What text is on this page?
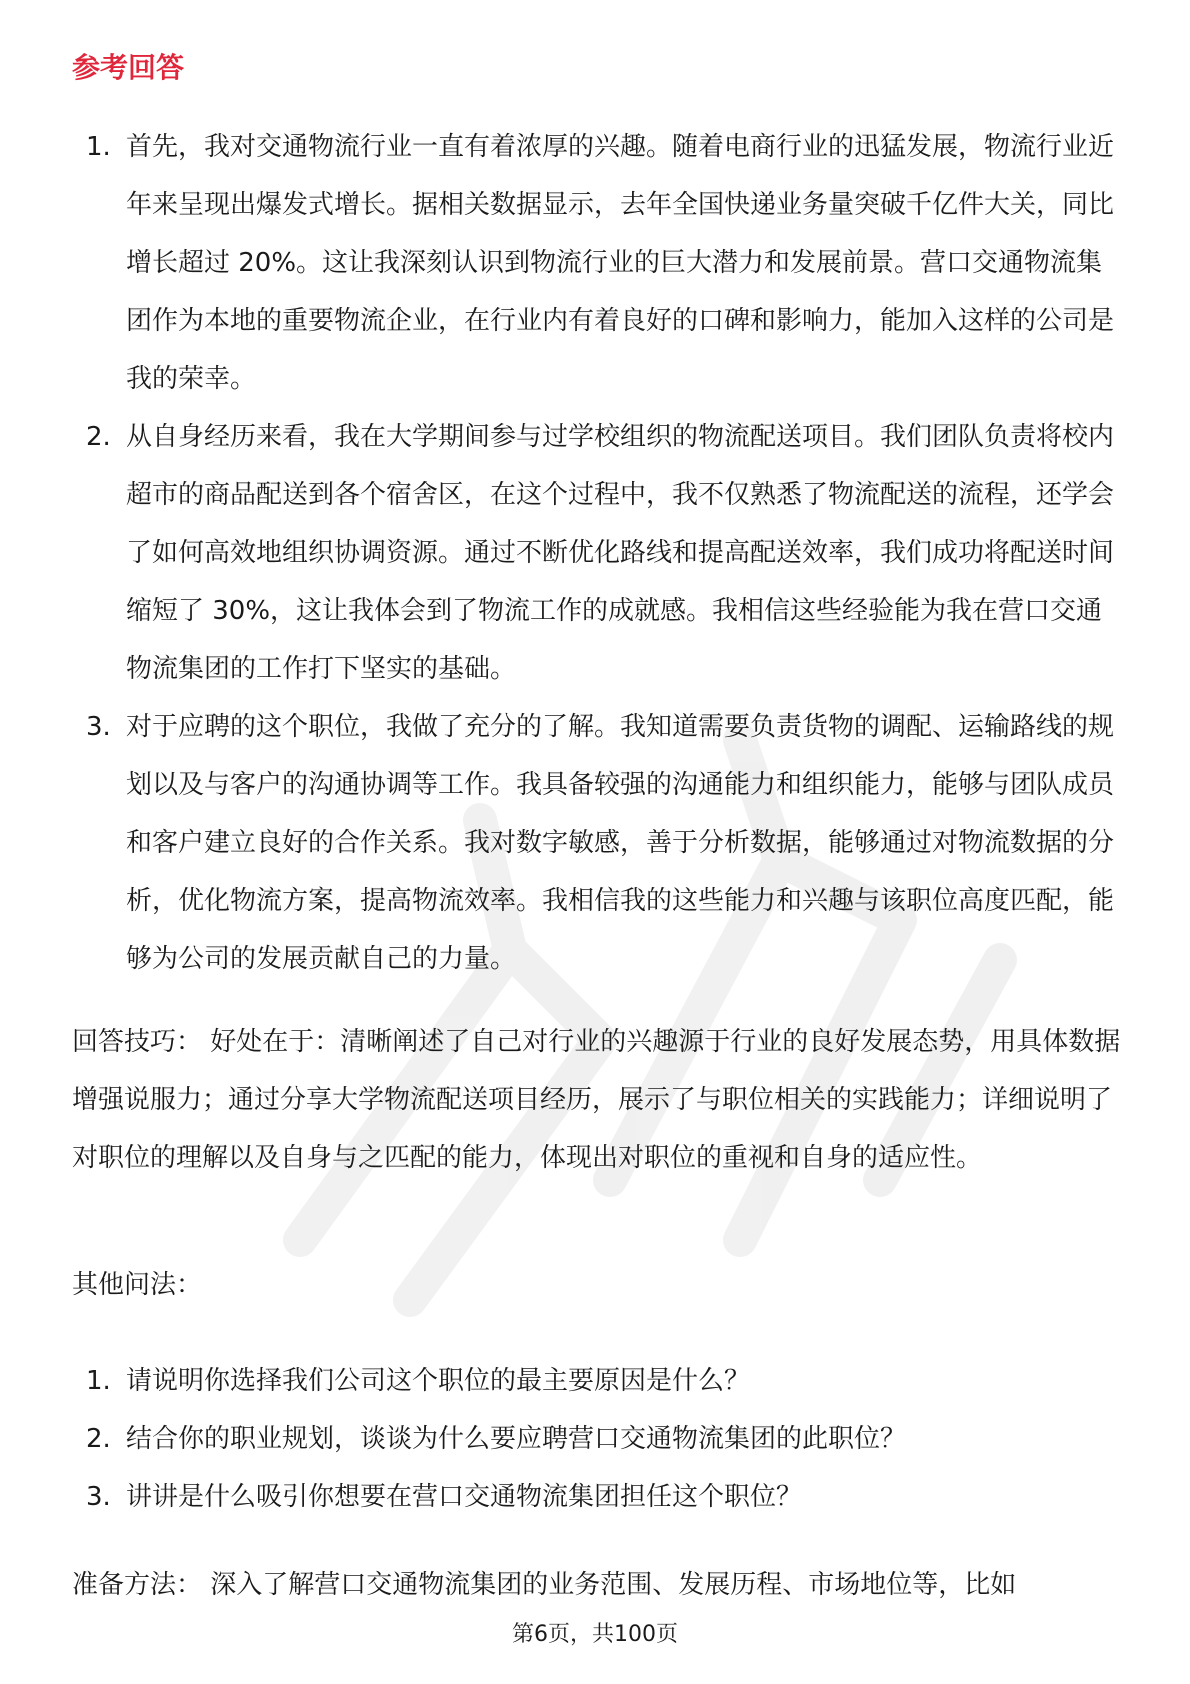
参考回答
1. 首先，我对交通物流行业一直有着浓厚的兴趣。随着电商行业的迅猛发展，物流行业近年来呈现出爆发式增长。据相关数据显示，去年全国快递业务量突破千亿件大关，同比增长超过 20%。这让我深刻认识到物流行业的巨大潜力和发展前景。营口交通物流集团作为本地的重要物流企业，在行业内有着良好的口碑和影响力，能加入这样的公司是我的荣幸。
2. 从自身经历来看，我在大学期间参与过学校组织的物流配送项目。我们团队负责将校内超市的商品配送到各个宿舍区，在这个过程中，我不仅熟悉了物流配送的流程，还学会了如何高效地组织协调资源。通过不断优化路线和提高配送效率，我们成功将配送时间缩短了 30%，这让我体会到了物流工作的成就感。我相信这些经验能为我在营口交通物流集团的工作打下坚实的基础。
3. 对于应聘的这个职位，我做了充分的了解。我知道需要负责货物的调配、运输路线的规划以及与客户的沟通协调等工作。我具备较强的沟通能力和组织能力，能够与团队成员和客户建立良好的合作关系。我对数字敏感，善于分析数据，能够通过对物流数据的分析，优化物流方案，提高物流效率。我相信我的这些能力和兴趣与该职位高度匹配，能够为公司的发展贡献自己的力量。

回答技巧： 好处在于：清晰阐述了自己对行业的兴趣源于行业的良好发展态势，用具体数据增强说服力；通过分享大学物流配送项目经历，展示了与职位相关的实践能力；详细说明了对职位的理解以及自身与之匹配的能力，体现出对职位的重视和自身的适应性。

其他问法：

1. 请说明你选择我们公司这个职位的最主要原因是什么？
2. 结合你的职业规划，谈谈为什么要应聘营口交通物流集团的此职位？
3. 讲讲是什么吸引你想要在营口交通物流集团担任这个职位？

准备方法： 深入了解营口交通物流集团的业务范围、发展历程、市场地位等，比如

第6页，共100页
